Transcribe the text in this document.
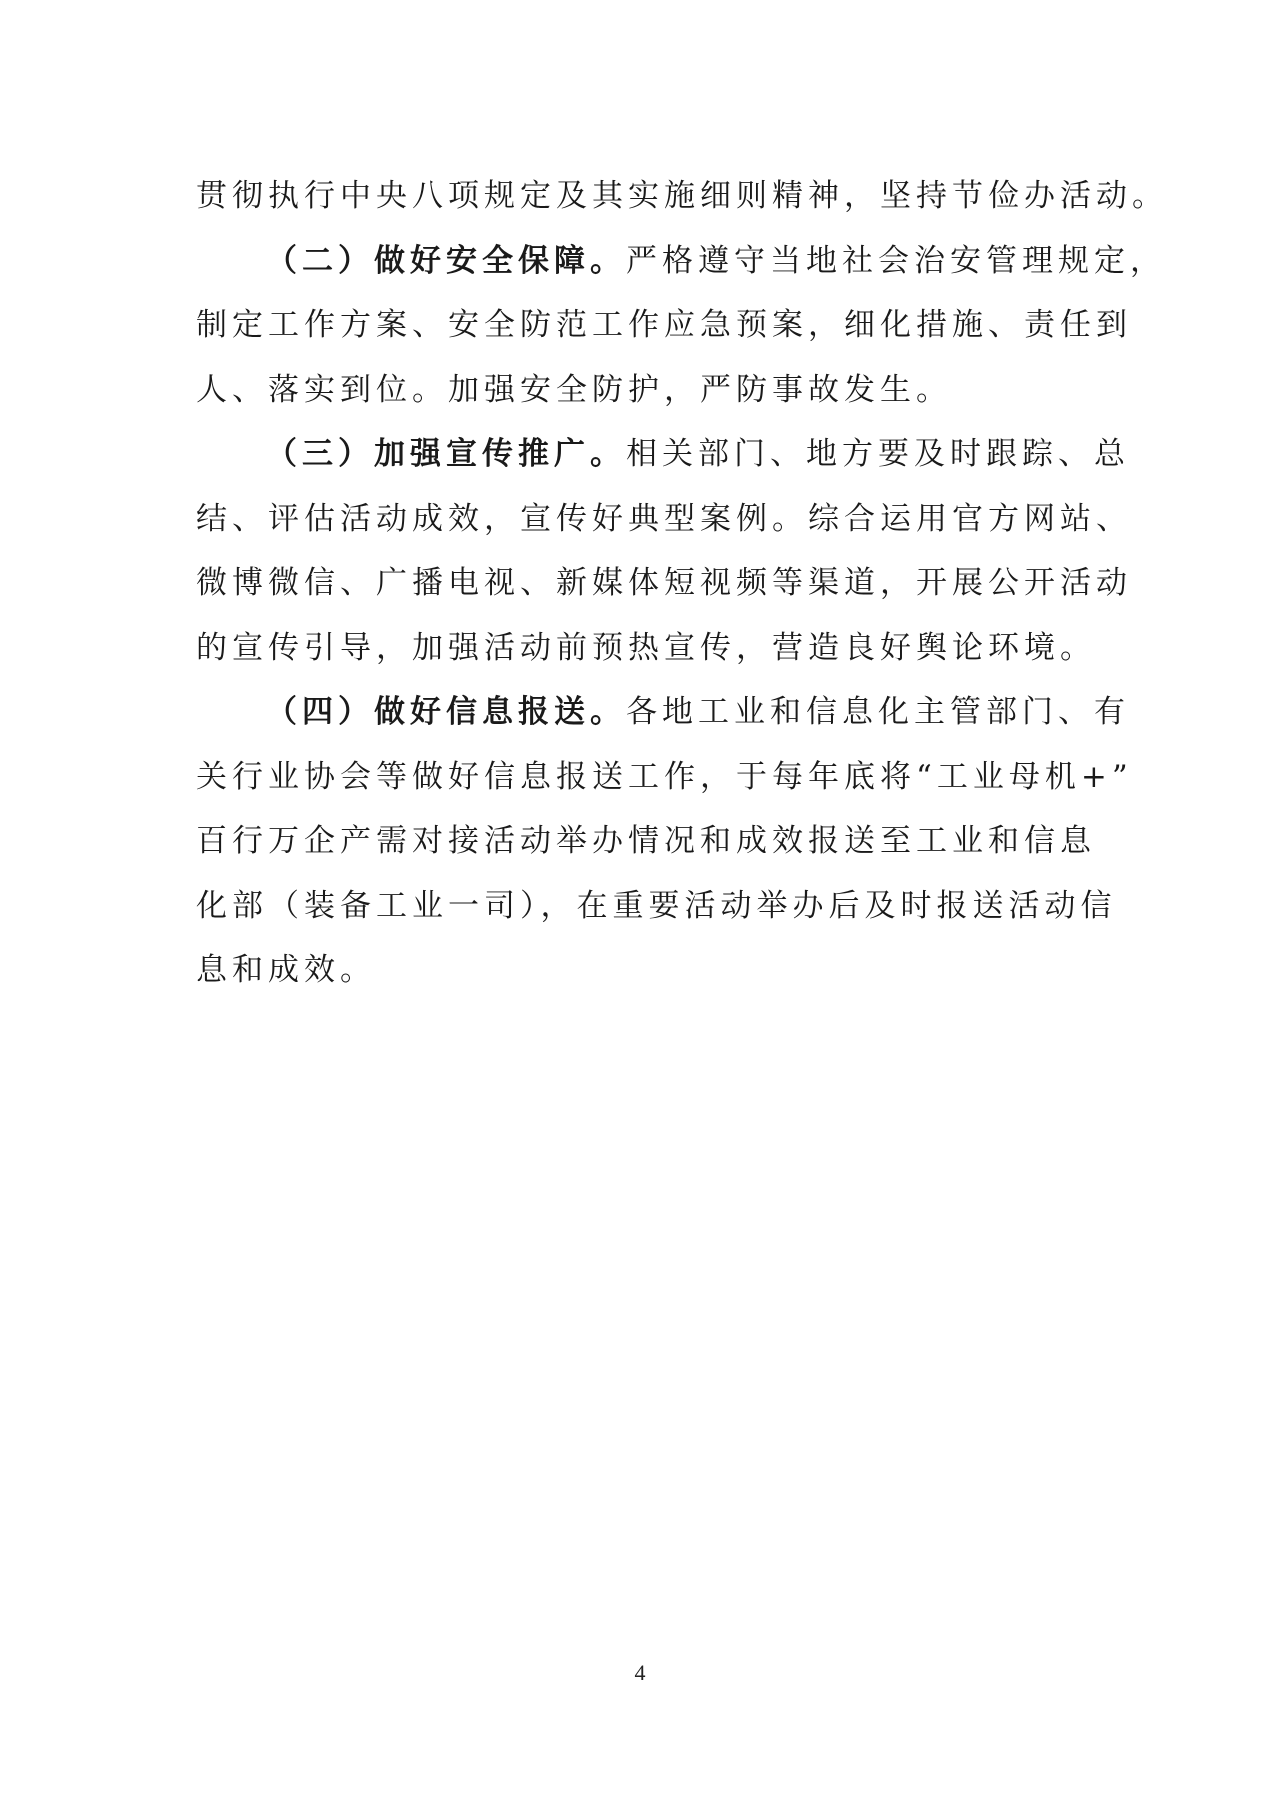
贯彻执行中央八项规定及其实施细则精神，坚持节俭办活动。
（二）做好安全保障。严格遵守当地社会治安管理规定，
制定工作方案、安全防范工作应急预案，细化措施、责任到
人、落实到位。加强安全防护，严防事故发生。
（三）加强宣传推广。相关部门、地方要及时跟踪、总
结、评估活动成效，宣传好典型案例。综合运用官方网站、
微博微信、广播电视、新媒体短视频等渠道，开展公开活动
的宣传引导，加强活动前预热宣传，营造良好舆论环境。
（四）做好信息报送。各地工业和信息化主管部门、有
关行业协会等做好信息报送工作，于每年底将“工业母机+”
百行万企产需对接活动举办情况和成效报送至工业和信息
化部（装备工业一司），在重要活动举办后及时报送活动信
息和成效。
4
